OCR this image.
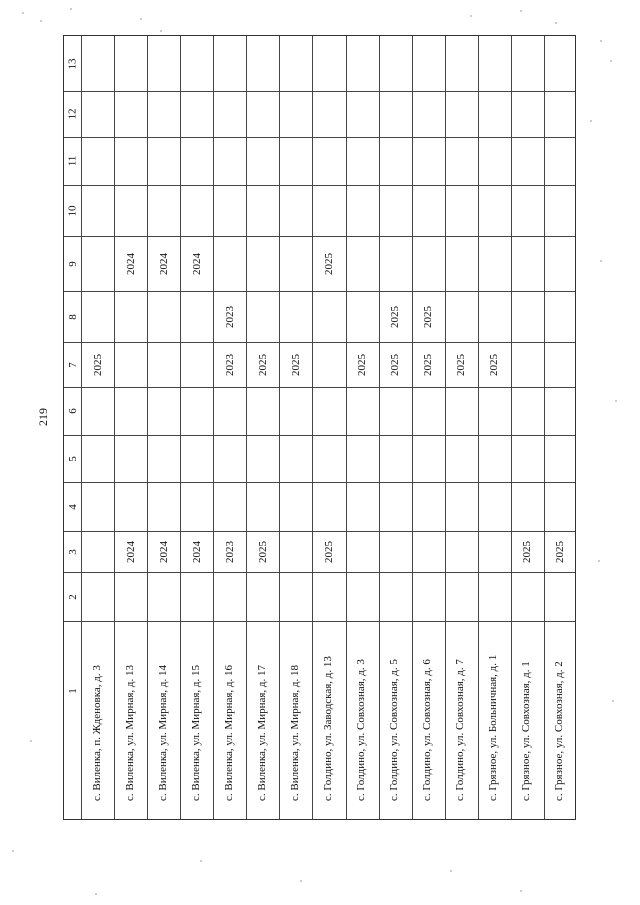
219
13
12
11
10
9
8
7
6
5
4
3
2
1 с. Виленка, п. Жденовка, д. 3
2025
с. Виленка, ул. Мирная, д. 13
2024
2024
с. Виленка, ул. Мирная, д. 14
2024
2024
с. Виленка, ул. Мирная, д. 15
2024
2024
с. Виленка, ул. Мирная, д. 16
2023
2023
2023
с. Виленка, ул. Мирная, д. 17
2025
2025
с. Виленка, ул. Мирная, д. 18
2025
с. Голдино, ул. Заводская, д. 13
2025
2025
с. Голдино, ул. Совхозная, д. 3
2025
с. Голдино, ул. Совхозная, д. 5
2025
2025
с. Голдино, ул. Совхозная, д. 6
2025
2025
с. Голдино, ул. Совхозная, д. 7
2025
с. Грязное, ул. Больничная, д. 1
2025
с. Грязное, ул. Совхозная, д. 1
2025
с. Грязное, ул. Совхозная, д. 2
2025
